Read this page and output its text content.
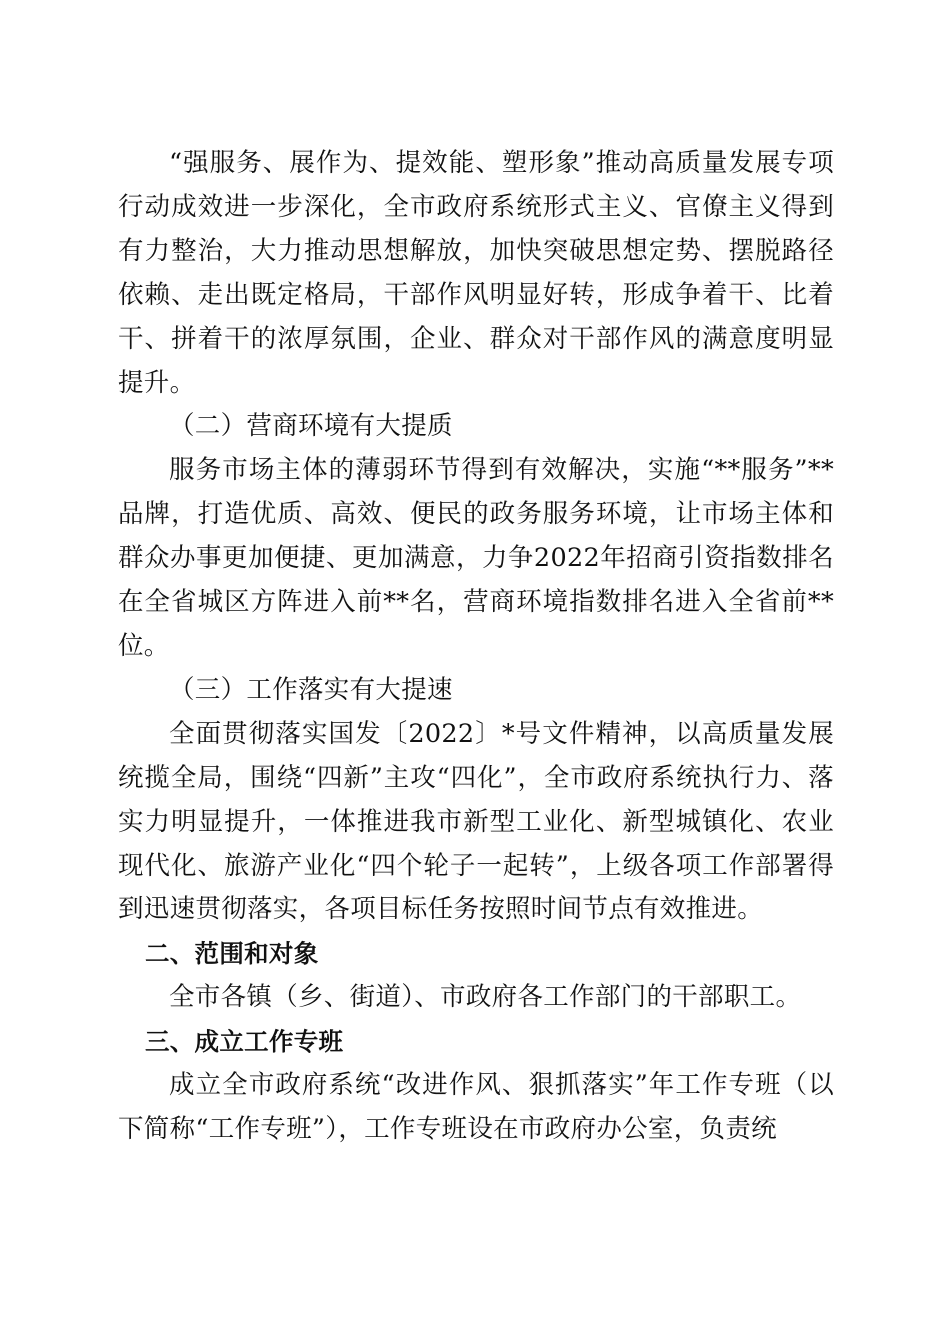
“强服务、展作为、提效能、塑形象”推动高质量发展专项行动成效进一步深化，全市政府系统形式主义、官僚主义得到有力整治，大力推动思想解放，加快突破思想定势、摆脱路径依赖、走出既定格局，干部作风明显好转，形成争着干、比着干、拼着干的浓厚氛围，企业、群众对干部作风的满意度明显提升。

（二）营商环境有大提质

服务市场主体的薄弱环节得到有效解决，实施“**服务”**品牌，打造优质、高效、便民的政务服务环境，让市场主体和群众办事更加便捷、更加满意，力争2022年招商引资指数排名在全省城区方阵进入前**名，营商环境指数排名进入全省前**位。

（三）工作落实有大提速

全面贯彻落实国发〔2022〕*号文件精神，以高质量发展统揽全局，围绕“四新”主攻“四化”，全市政府系统执行力、落实力明显提升，一体推进我市新型工业化、新型城镇化、农业现代化、旅游产业化“四个轮子一起转”，上级各项工作部署得到迅速贯彻落实，各项目标任务按照时间节点有效推进。

二、范围和对象

全市各镇（乡、街道）、市政府各工作部门的干部职工。

三、成立工作专班

成立全市政府系统“改进作风、狠抓落实”年工作专班（以下简称“工作专班”），工作专班设在市政府办公室，负责统
